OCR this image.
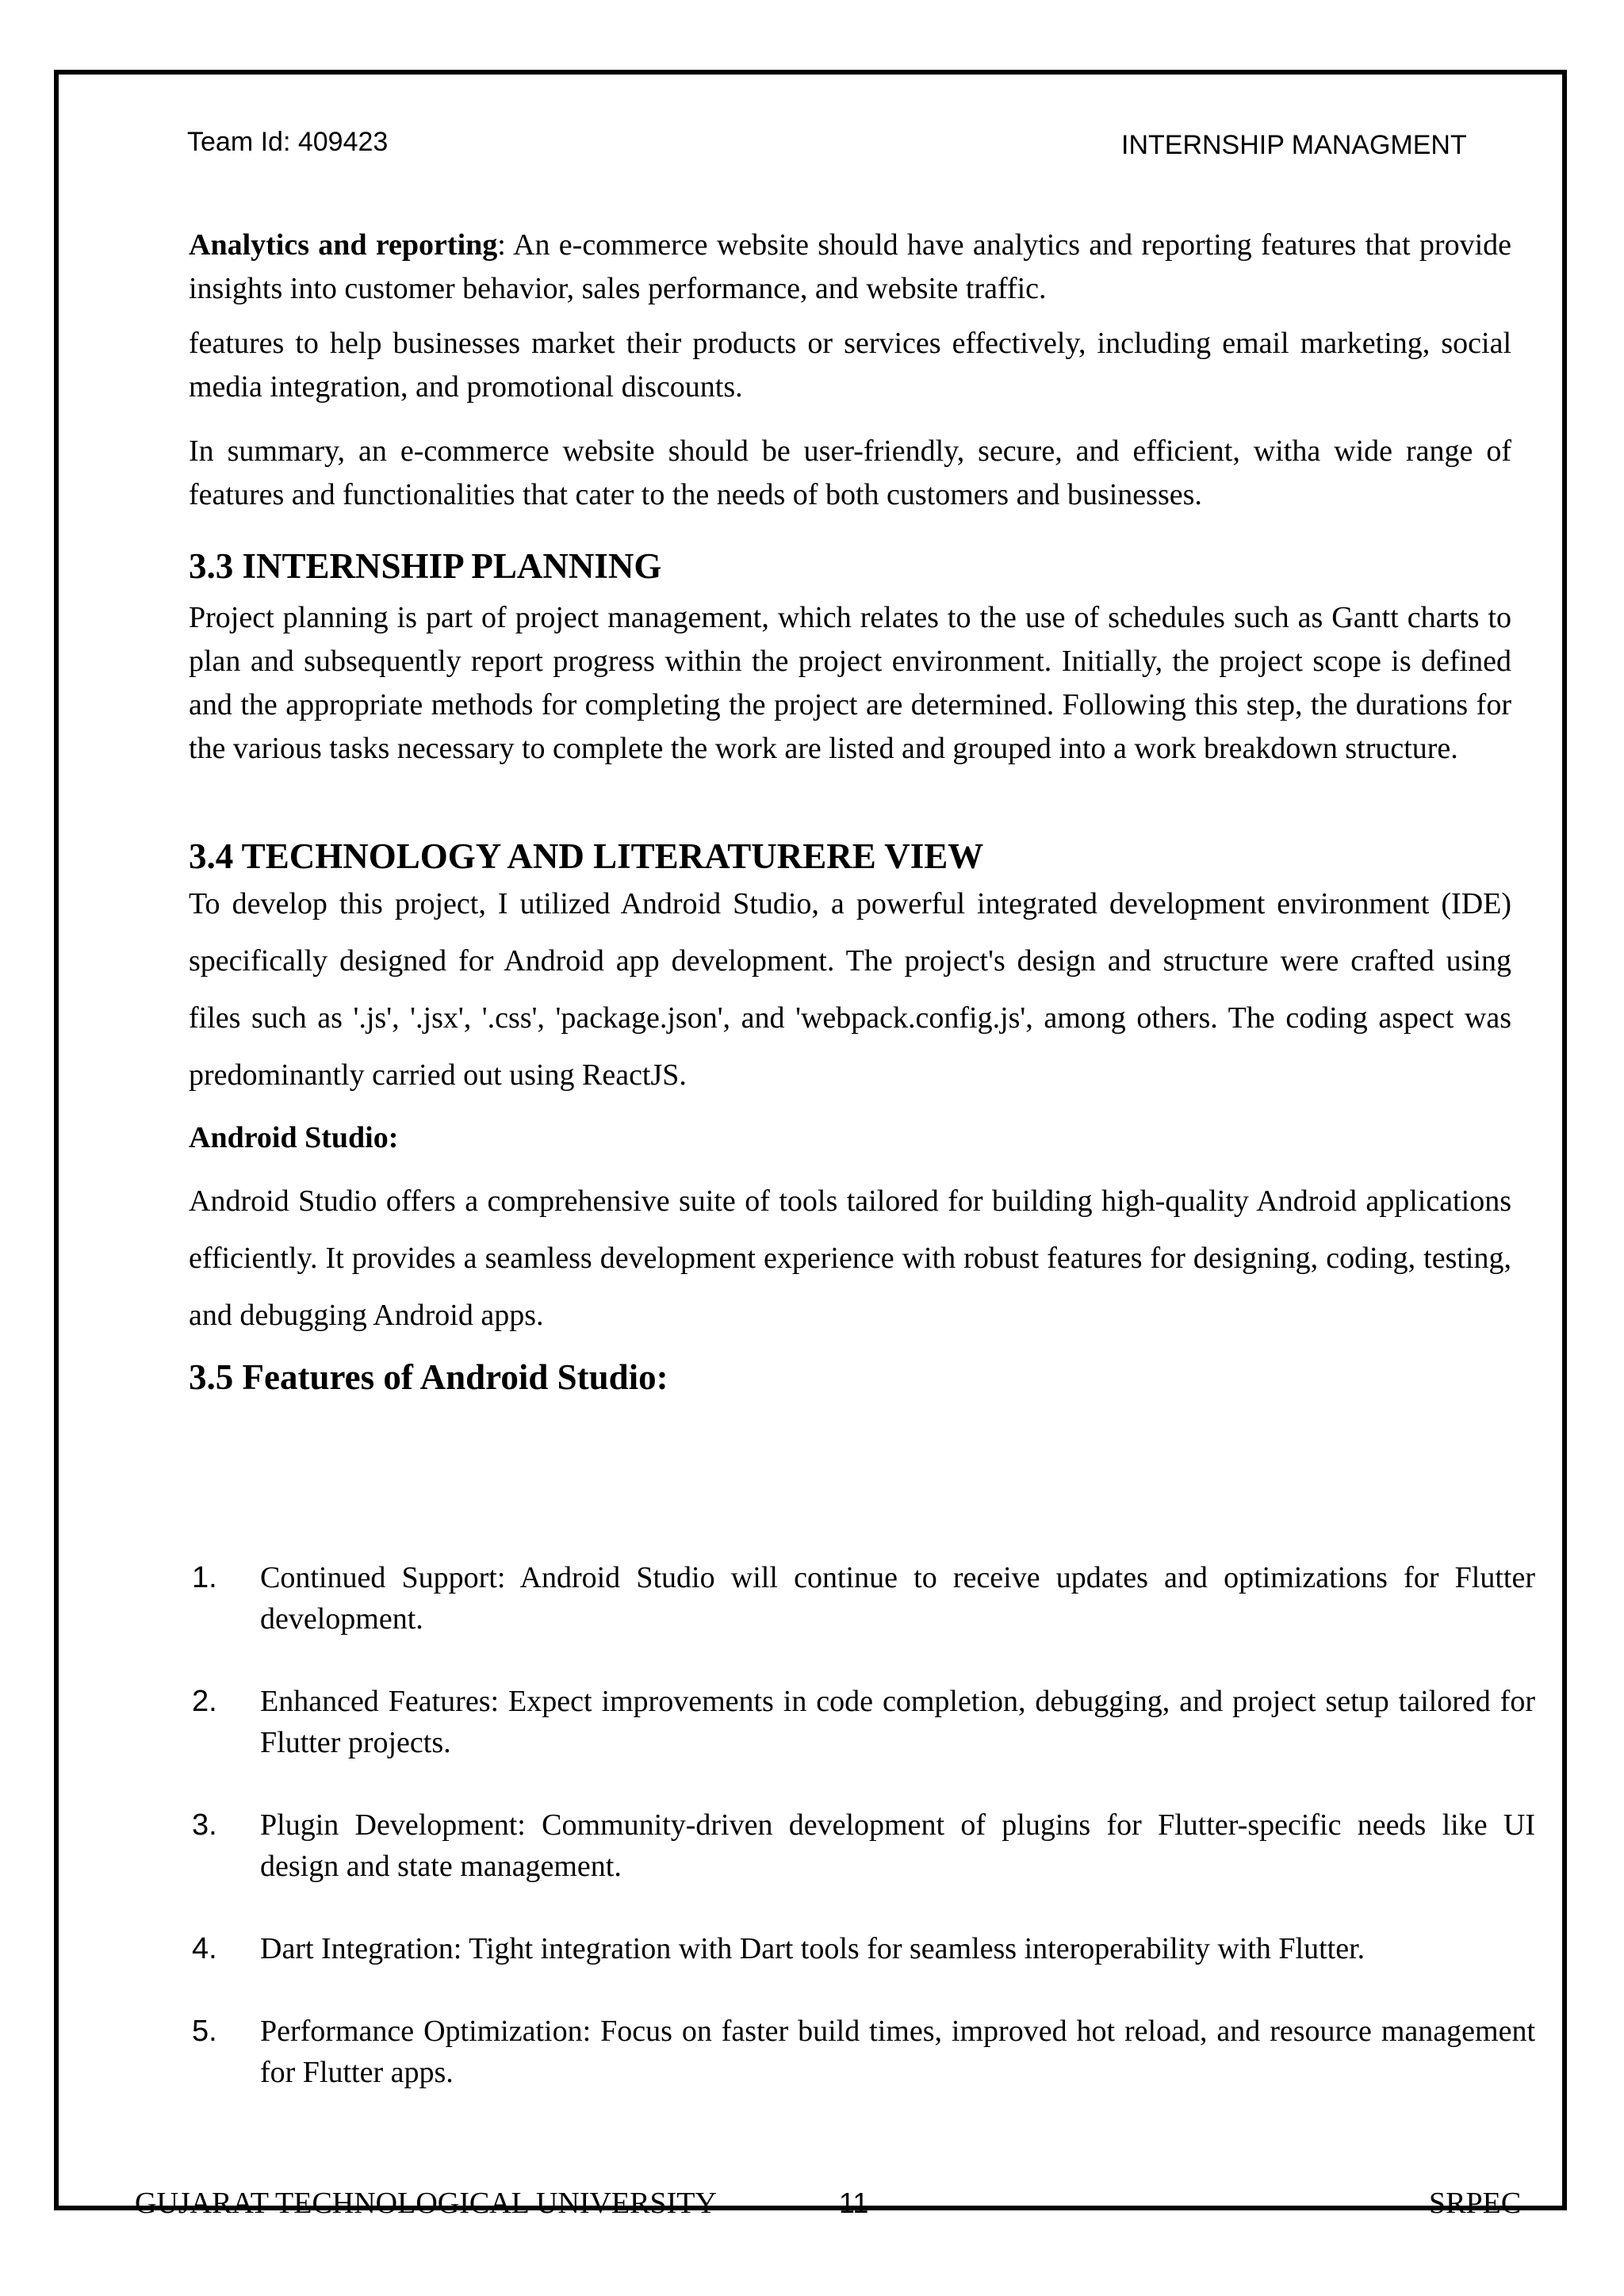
Team Id: 409423	INTERNSHIP MANAGMENT

Analytics and reporting: An e-commerce website should have analytics and reporting features that provide insights into customer behavior, sales performance, and website traffic.

features to help businesses market their products or services effectively, including email marketing, social media integration, and promotional discounts.

In summary, an e-commerce website should be user-friendly, secure, and efficient, witha wide range of features and functionalities that cater to the needs of both customers and businesses.

3.3 INTERNSHIP PLANNING

Project planning is part of project management, which relates to the use of schedules such as Gantt charts to plan and subsequently report progress within the project environment. Initially, the project scope is defined and the appropriate methods for completing the project are determined. Following this step, the durations for the various tasks necessary to complete the work are listed and grouped into a work breakdown structure.

3.4 TECHNOLOGY AND LITERATURERE VIEW

To develop this project, I utilized Android Studio, a powerful integrated development environment (IDE) specifically designed for Android app development. The project's design and structure were crafted using files such as '.js', '.jsx', '.css', 'package.json', and 'webpack.config.js', among others. The coding aspect was predominantly carried out using ReactJS.

Android Studio:

Android Studio offers a comprehensive suite of tools tailored for building high-quality Android applications efficiently. It provides a seamless development experience with robust features for designing, coding, testing, and debugging Android apps.

3.5 Features of Android Studio:
1. Continued Support: Android Studio will continue to receive updates and optimizations for Flutter development.
2. Enhanced Features: Expect improvements in code completion, debugging, and project setup tailored for Flutter projects.
3. Plugin Development: Community-driven development of plugins for Flutter-specific needs like UI design and state management.
4. Dart Integration: Tight integration with Dart tools for seamless interoperability with Flutter.
5. Performance Optimization: Focus on faster build times, improved hot reload, and resource management for Flutter apps.
GUJARAT TECHNOLOGICAL UNIVERSITY	11	SRPEC
